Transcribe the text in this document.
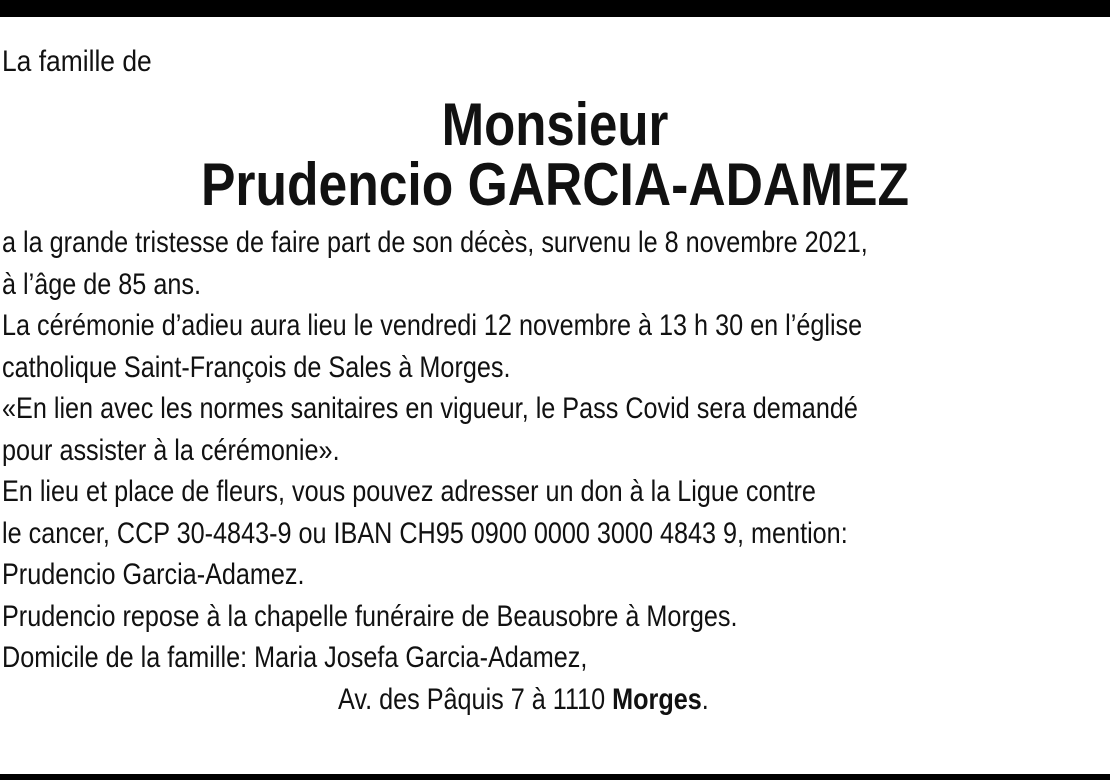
La famille de

Monsieur
Prudencio GARCIA-ADAMEZ

a la grande tristesse de faire part de son décès, survenu le 8 novembre 2021,

à l’âge de 85 ans.

La cérémonie d’adieu aura lieu le vendredi 12 novembre à 13 h 30 en l’église

catholique Saint-François de Sales à Morges.

«En lien avec les normes sanitaires en vigueur, le Pass Covid sera demandé

pour assister à la cérémonie».

En lieu et place de fleurs, vous pouvez adresser un don à la Ligue contre

le cancer, CCP 30-4843-9 ou IBAN CH95 0900 0000 3000 4843 9, mention:

Prudencio Garcia-Adamez.

Prudencio repose à la chapelle funéraire de Beausobre à Morges.

Domicile de la famille: Maria Josefa Garcia-Adamez,

Av. des Pâquis 7 à 1110 Morges.
